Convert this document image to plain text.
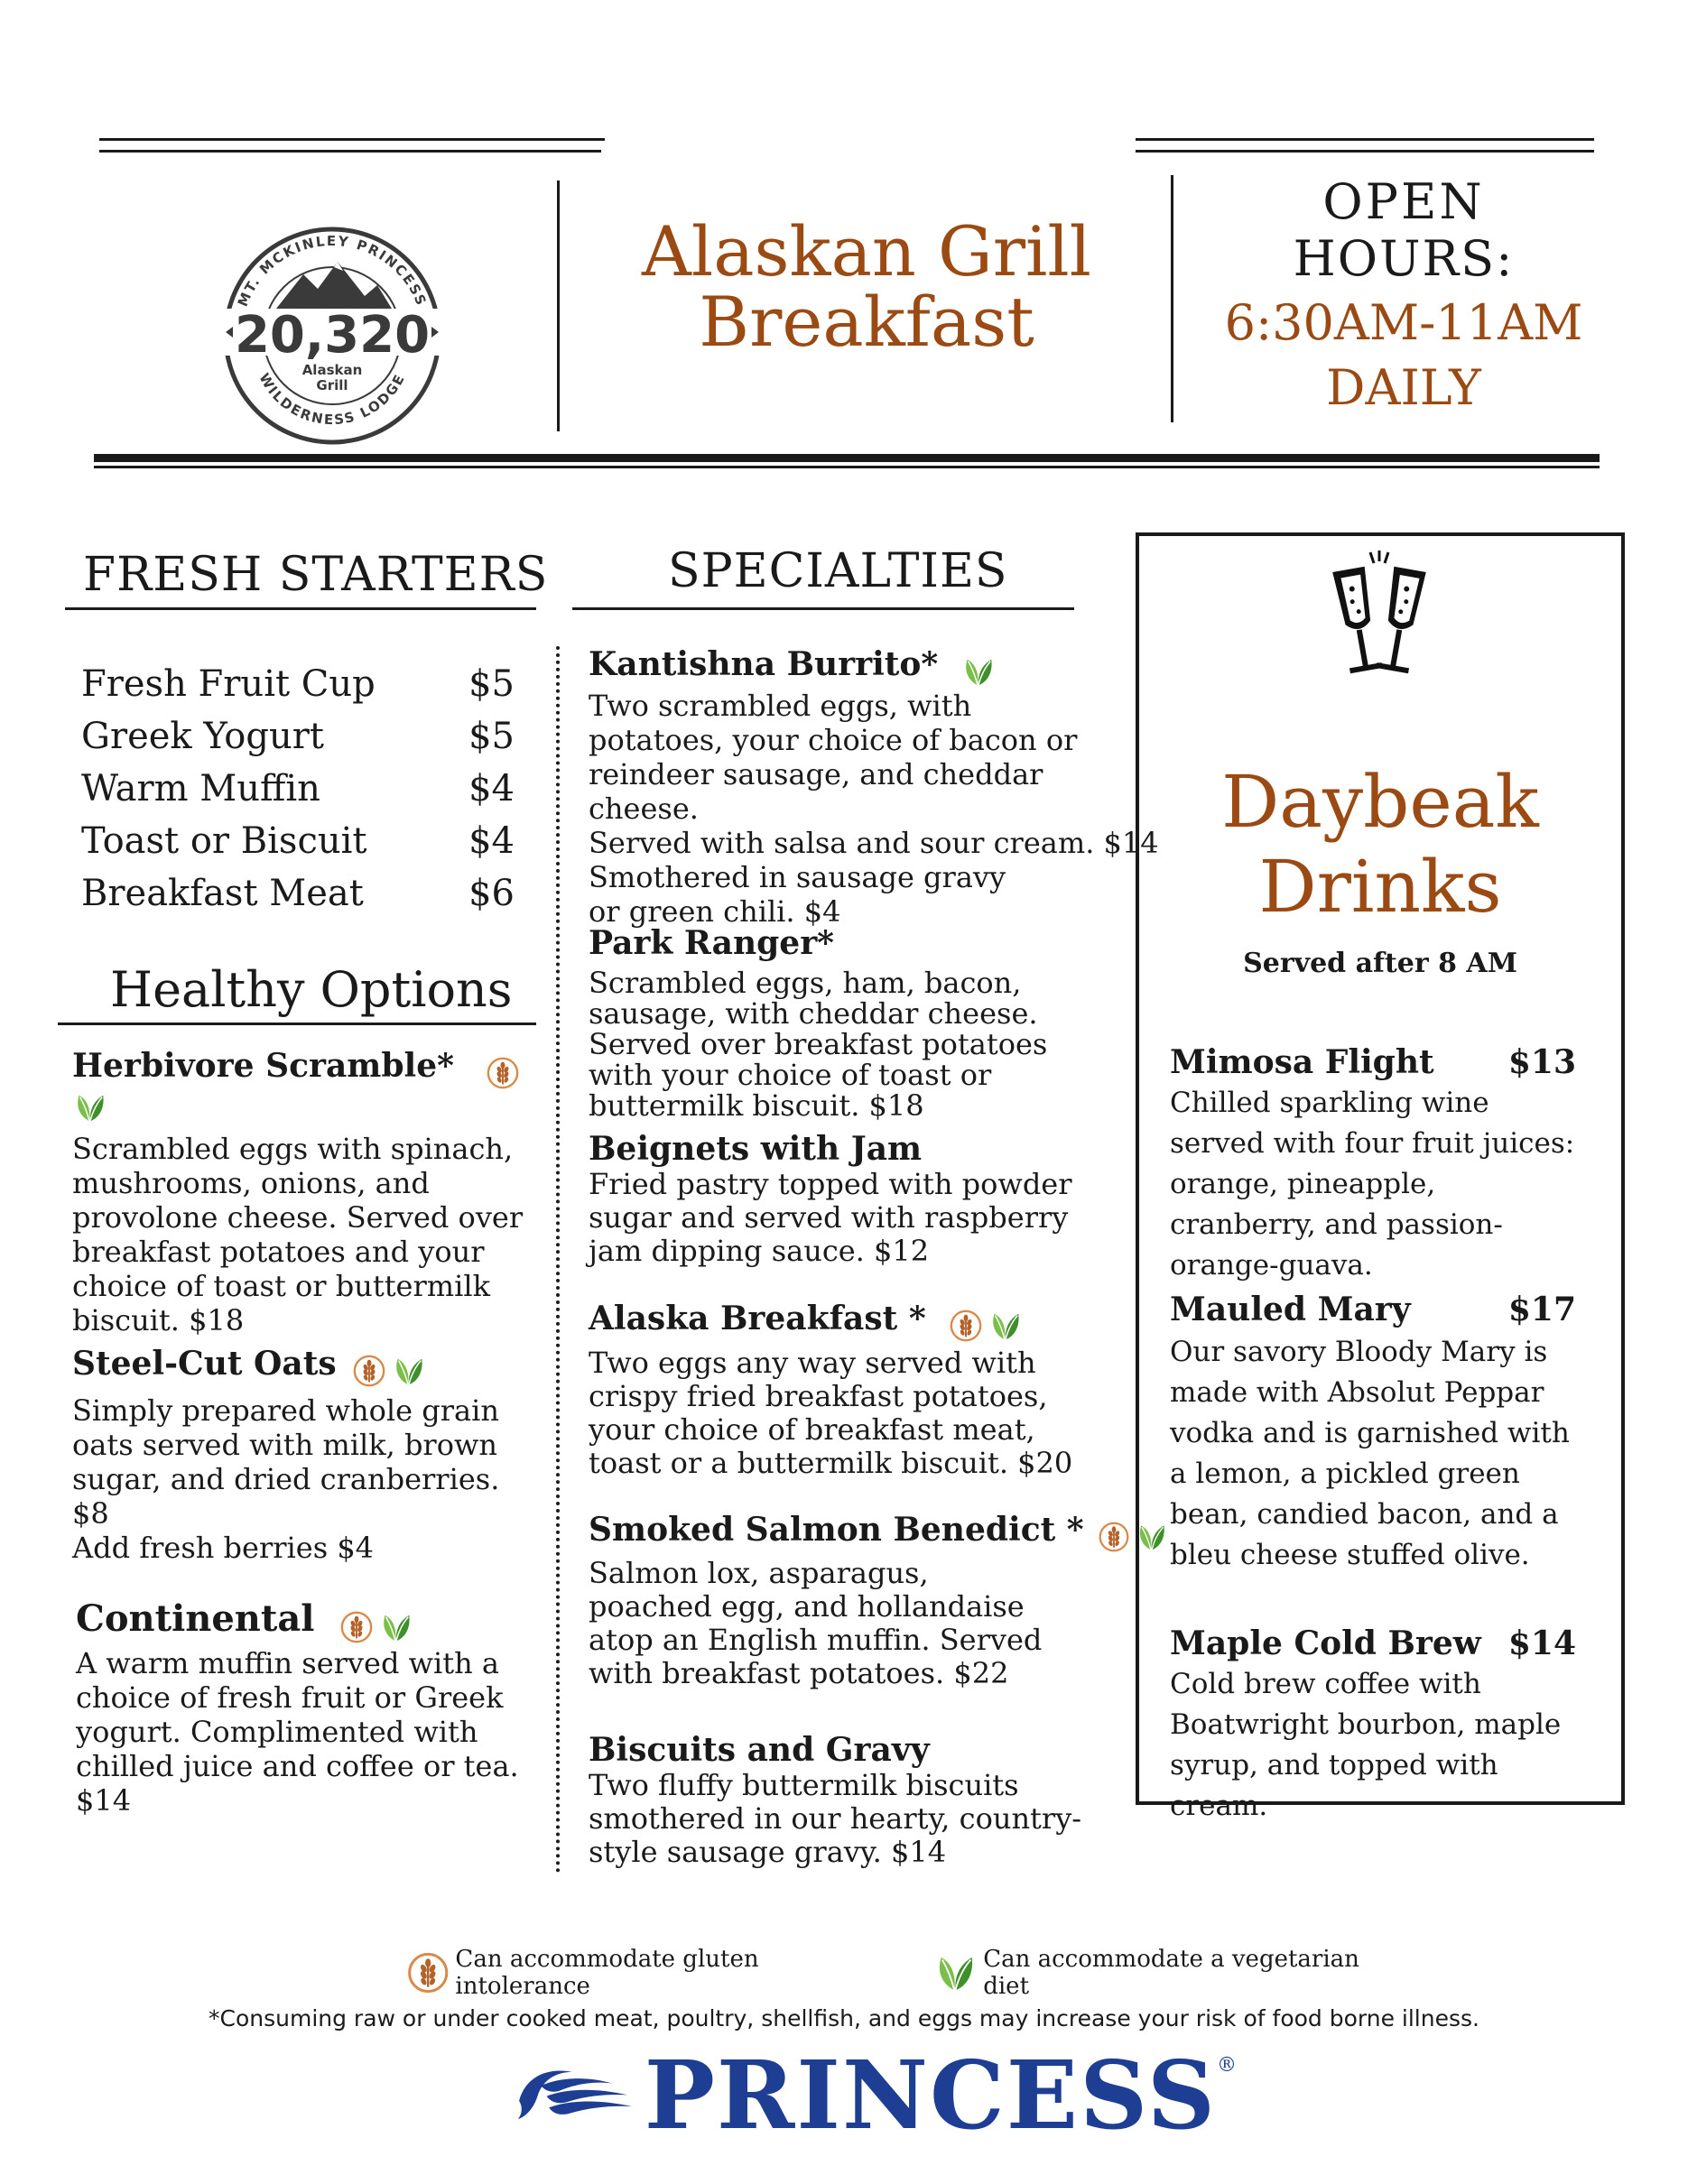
MT. MCKINLEY PRINCESS
WILDERNESS LODGE
20,320
Alaskan
Grill
Alaskan Grill
Breakfast
OPEN
HOURS:
6:30AM-11AM
DAILY
FRESH STARTERS
Fresh Fruit Cup	$5
Greek Yogurt	$5
Warm Muffin	$4
Toast or Biscuit	$4
Breakfast Meat	$6
Healthy Options
Herbivore Scramble*
Scrambled eggs with spinach, mushrooms, onions, and provolone cheese. Served over breakfast potatoes and your choice of toast or buttermilk biscuit. $18
Steel-Cut Oats
Simply prepared whole grain oats served with milk, brown sugar, and dried cranberries. $8
Add fresh berries $4
Continental
A warm muffin served with a choice of fresh fruit or Greek yogurt. Complimented with chilled juice and coffee or tea. $14
SPECIALTIES
Kantishna Burrito*
Two scrambled eggs, with potatoes, your choice of bacon or reindeer sausage, and cheddar cheese.
Served with salsa and sour cream. $14
Smothered in sausage gravy
or green chili. $4
Park Ranger*
Scrambled eggs, ham, bacon, sausage, with cheddar cheese. Served over breakfast potatoes with your choice of toast or buttermilk biscuit. $18
Beignets with Jam
Fried pastry topped with powder sugar and served with raspberry jam dipping sauce. $12
Alaska Breakfast *
Two eggs any way served with crispy fried breakfast potatoes, your choice of breakfast meat, toast or a buttermilk biscuit. $20
Smoked Salmon Benedict *
Salmon lox, asparagus, poached egg, and hollandaise atop an English muffin. Served with breakfast potatoes. $22
Biscuits and Gravy
Two fluffy buttermilk biscuits smothered in our hearty, country-style sausage gravy. $14
Daybeak
Drinks
Served after 8 AM
Mimosa Flight $13
Chilled sparkling wine served with four fruit juices: orange, pineapple, cranberry, and passion-orange-guava.
Mauled Mary	$17
Our savory Bloody Mary is made with Absolut Peppar vodka and is garnished with a lemon, a pickled green bean, candied bacon, and a bleu cheese stuffed olive.
Maple Cold Brew $14
Cold brew coffee with Boatwright bourbon, maple syrup, and topped with cream.
Can accommodate gluten intolerance
Can accommodate a vegetarian diet
*Consuming raw or under cooked meat, poultry, shellfish, and eggs may increase your risk of food borne illness.
PRINCESS ®
